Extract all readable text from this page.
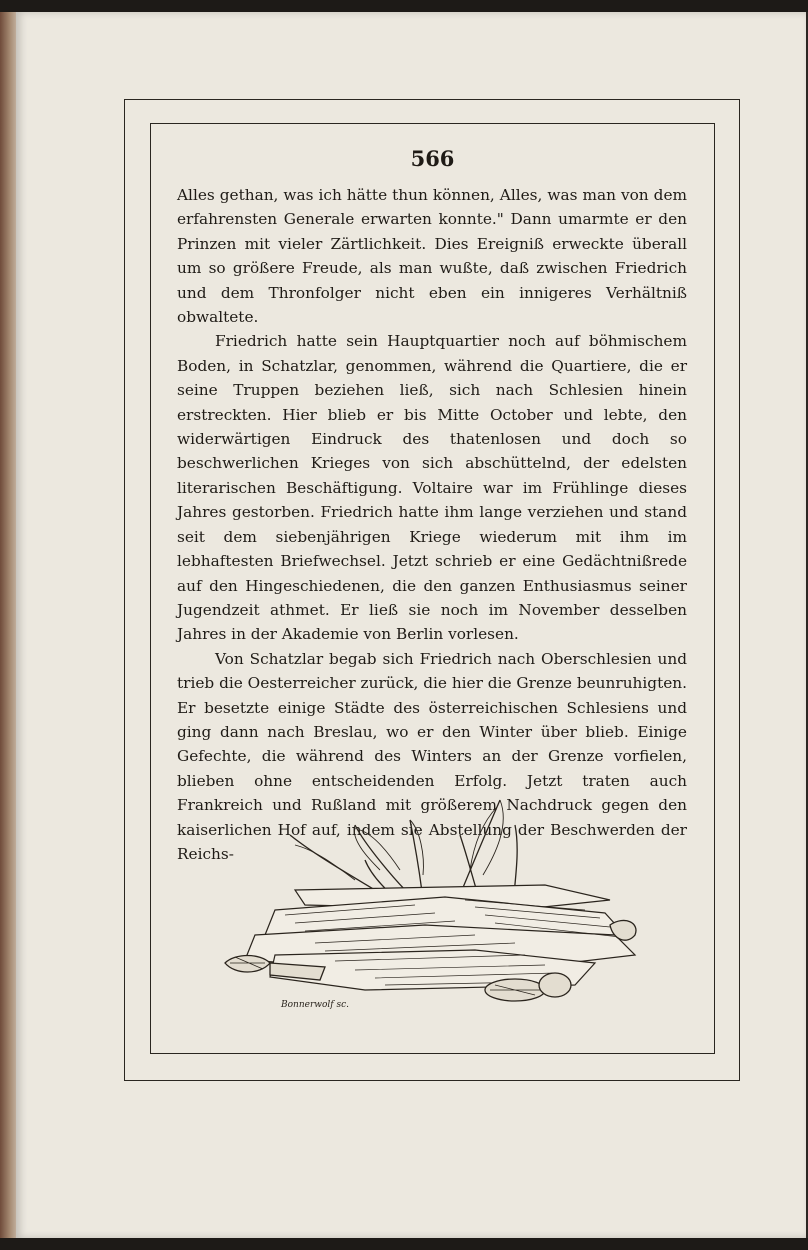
566

Alles gethan, was ich hätte thun können, Alles, was man von dem erfahrensten Generale erwarten konnte." Dann umarmte er den Prinzen mit vieler Zärtlichkeit. Dies Ereigniß erweckte überall um so größere Freude, als man wußte, daß zwischen Friedrich und dem Thronfolger nicht eben ein innigeres Verhältniß obwaltete.

Friedrich hatte sein Hauptquartier noch auf böhmischem Boden, in Schatzlar, genommen, während die Quartiere, die er seine Truppen beziehen ließ, sich nach Schlesien hinein erstreckten. Hier blieb er bis Mitte October und lebte, den widerwärtigen Eindruck des thatenlosen und doch so beschwerlichen Krieges von sich abschüttelnd, der edelsten literarischen Beschäftigung. Voltaire war im Frühlinge dieses Jahres gestorben. Friedrich hatte ihm lange verziehen und stand seit dem siebenjährigen Kriege wiederum mit ihm im lebhaftesten Briefwechsel. Jetzt schrieb er eine Gedächtnißrede auf den Hingeschiedenen, die den ganzen Enthusiasmus seiner Jugendzeit athmet. Er ließ sie noch im November desselben Jahres in der Akademie von Berlin vorlesen.

Von Schatzlar begab sich Friedrich nach Oberschlesien und trieb die Oesterreicher zurück, die hier die Grenze beunruhigten. Er besetzte einige Städte des österreichischen Schlesiens und ging dann nach Breslau, wo er den Winter über blieb. Einige Gefechte, die während des Winters an der Grenze vorfielen, blieben ohne entscheidenden Erfolg. Jetzt traten auch Frankreich und Rußland mit größerem Nachdruck gegen den kaiserlichen Hof auf, indem sie Abstellung der Beschwerden der Reichs-

Bonnerwolf sc.
